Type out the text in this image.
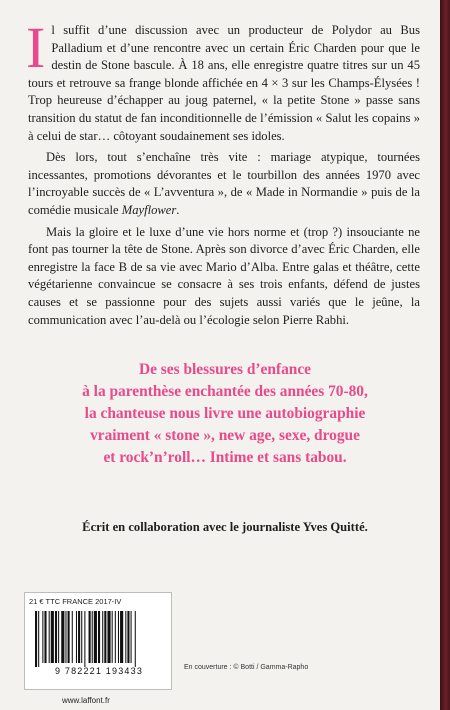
Il suffit d’une discussion avec un producteur de Polydor au Bus Palladium et d’une rencontre avec un certain Éric Charden pour que le destin de Stone bascule. À 18 ans, elle enregistre quatre titres sur un 45 tours et retrouve sa frange blonde affichée en 4 × 3 sur les Champs-Élysées ! Trop heureuse d’échapper au joug paternel, « la petite Stone » passe sans transition du statut de fan inconditionnelle de l’émission « Salut les copains » à celui de star… côtoyant soudainement ses idoles.

Dès lors, tout s’enchaîne très vite : mariage atypique, tournées incessantes, promotions dévorantes et le tourbillon des années 1970 avec l’incroyable succès de « L’avventura », de « Made in Normandie » puis de la comédie musicale Mayflower.

Mais la gloire et le luxe d’une vie hors norme et (trop ?) insouciante ne font pas tourner la tête de Stone. Après son divorce d’avec Éric Charden, elle enregistre la face B de sa vie avec Mario d’Alba. Entre galas et théâtre, cette végétarienne convaincue se consacre à ses trois enfants, défend de justes causes et se passionne pour des sujets aussi variés que le jeûne, la communication avec l’au-delà ou l’écologie selon Pierre Rabhi.

De ses blessures d’enfance
à la parenthèse enchantée des années 70-80,
la chanteuse nous livre une autobiographie
vraiment « stone », new age, sexe, drogue
et rock’n’roll… Intime et sans tabou.
Écrit en collaboration avec le journaliste Yves Quitté.
21 € TTC FRANCE 2017-IV
9 782221 193433
www.laffont.fr
En couverture : © Botti / Gamma-Rapho
